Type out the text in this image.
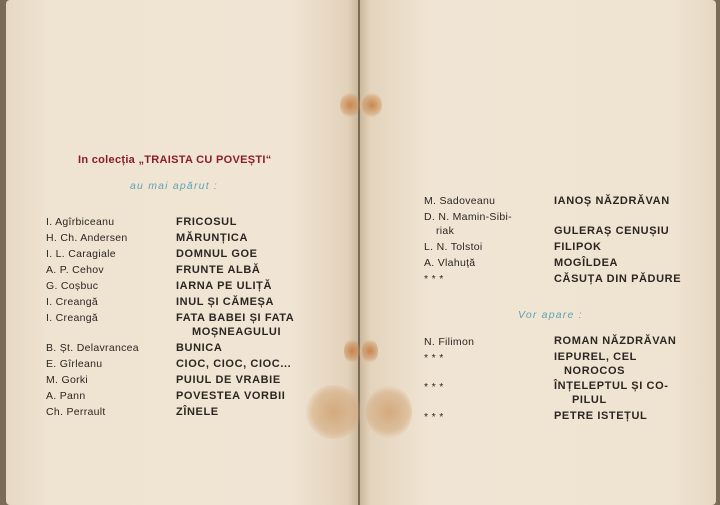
In colecția „TRAISTA CU POVEȘTI“
au mai apărut :
I. Agîrbiceanu	FRICOSUL
H. Ch. Andersen	MĂRUNȚICA
I. L. Caragiale	DOMNUL GOE
A. P. Cehov	FRUNTE ALBĂ
G. Coșbuc	IARNA PE ULIȚĂ
I. Creangă	INUL ȘI CĂMEȘA
I. Creangă	FATA BABEI ȘI FATA
MOȘNEAGULUI
B. Șt. Delavrancea	BUNICA
E. Gîrleanu	CIOC, CIOC, CIOC...
M. Gorki	PUIUL DE VRABIE
A. Pann	POVESTEA VORBII
Ch. Perrault	ZÎNELE
M. Sadoveanu	IANOȘ NĂZDRĂVAN
D. N. Mamin-Sibi-
riak	GULERAȘ CENUȘIU
L. N. Tolstoi	FILIPOK
A. Vlahuță	MOGÎLDEA
* * *	CĂSUȚA DIN PĂDURE
Vor apare :
N. Filimon	ROMAN NĂZDRĂVAN
* * *	IEPUREL, CEL
NOROCOS
* * *	ÎNȚELEPTUL ȘI CO-
PILUL
* * *	PETRE ISTEȚUL
